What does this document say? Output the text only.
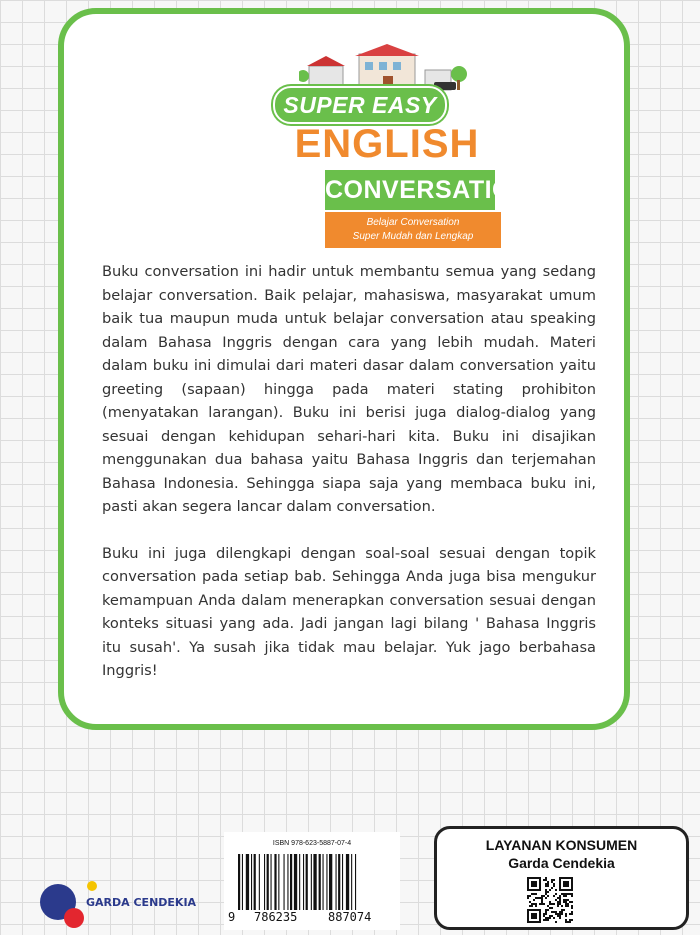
SUPER EASY
ENGLISH
CONVERSATION
Belajar Conversation
Super Mudah dan Lengkap

Buku conversation ini hadir untuk membantu semua yang sedang belajar conversation. Baik pelajar, mahasiswa, masyarakat umum baik tua maupun muda untuk belajar conversation atau speaking dalam Bahasa Inggris dengan cara yang lebih mudah. Materi dalam buku ini dimulai dari materi dasar dalam conversation yaitu greeting (sapaan) hingga pada materi stating prohibiton (menyatakan larangan). Buku ini berisi juga dialog-dialog yang sesuai dengan kehidupan sehari-hari kita. Buku ini disajikan menggunakan dua bahasa yaitu Bahasa Inggris dan terjemahan Bahasa Indonesia. Sehingga siapa saja yang membaca buku ini, pasti akan segera lancar dalam conversation.

Buku ini juga dilengkapi dengan soal-soal sesuai dengan topik conversation pada setiap bab. Sehingga Anda juga bisa mengukur kemampuan Anda dalam menerapkan conversation sesuai dengan konteks situasi yang ada. Jadi jangan lagi bilang ' Bahasa Inggris itu susah'. Ya susah jika tidak mau belajar. Yuk jago berbahasa Inggris!

GARDA CENDEKIA
ISBN 978-623-5887-07-4
9 786235	887074
LAYANAN KONSUMEN
Garda Cendekia
